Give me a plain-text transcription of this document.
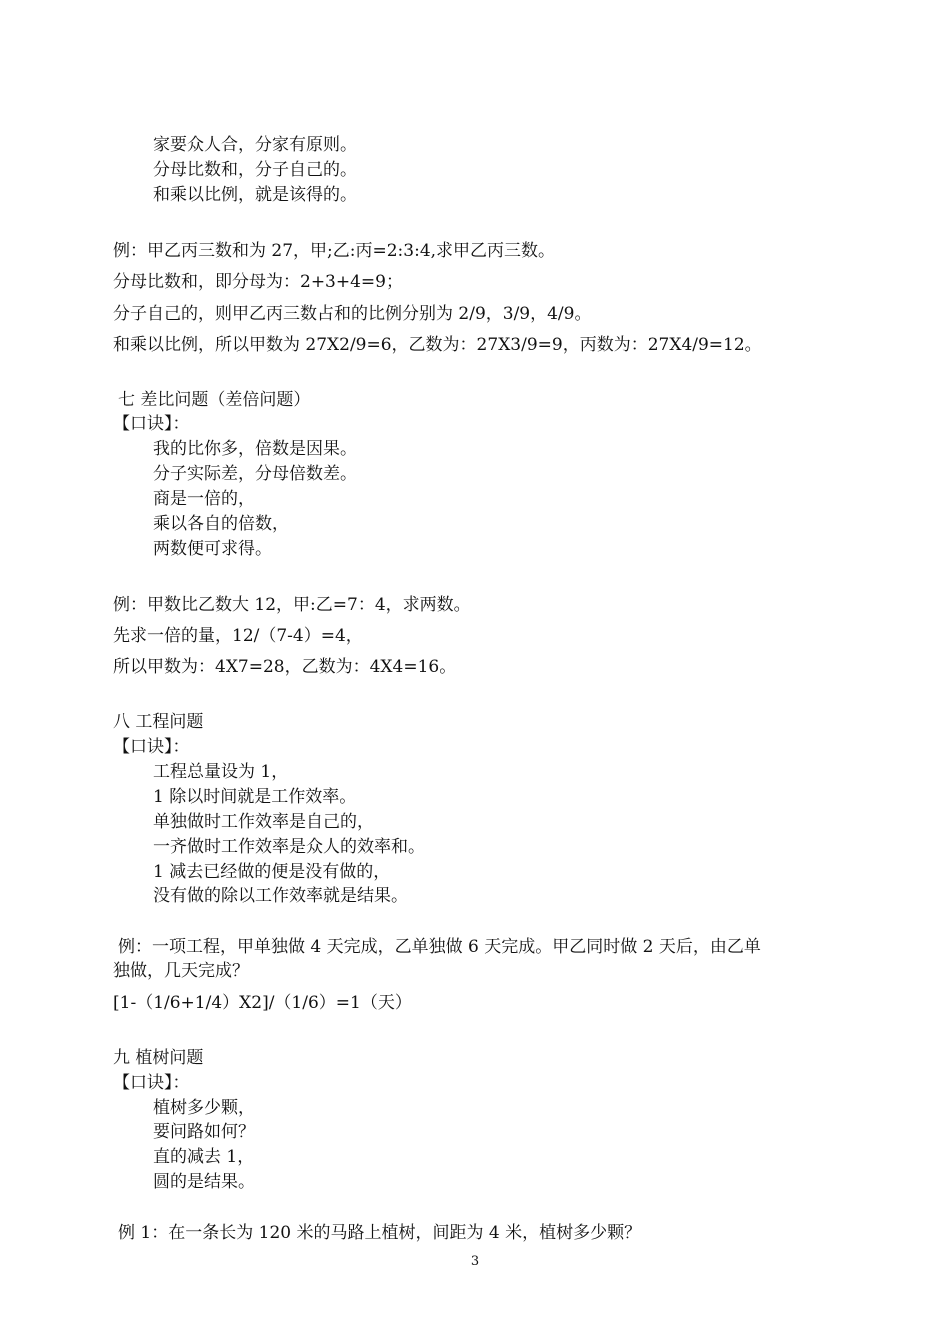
家要众人合，分家有原则。
分母比数和，分子自己的。
和乘以比例，就是该得的。
例：甲乙丙三数和为 27，甲;乙:丙=2:3:4,求甲乙丙三数。
分母比数和，即分母为：2+3+4=9；
分子自己的，则甲乙丙三数占和的比例分别为 2/9，3/9，4/9。
和乘以比例，所以甲数为 27X2/9=6，乙数为：27X3/9=9，丙数为：27X4/9=12。
七 差比问题（差倍问题）
【口诀】：
我的比你多，倍数是因果。
分子实际差，分母倍数差。
商是一倍的，
乘以各自的倍数，
两数便可求得。
例：甲数比乙数大 12，甲:乙=7：4，求两数。
先求一倍的量，12/（7-4）=4，
所以甲数为：4X7=28，乙数为：4X4=16。
八 工程问题
【口诀】：
工程总量设为 1，
1 除以时间就是工作效率。
单独做时工作效率是自己的，
一齐做时工作效率是众人的效率和。
1 减去已经做的便是没有做的，
没有做的除以工作效率就是结果。
例：一项工程，甲单独做 4 天完成，乙单独做 6 天完成。甲乙同时做 2 天后，由乙单
独做，几天完成？
[1-（1/6+1/4）X2]/（1/6）=1（天）
九 植树问题
【口诀】：
植树多少颗，
要问路如何？
直的减去 1，
圆的是结果。
例 1：在一条长为 120 米的马路上植树，间距为 4 米，植树多少颗？
3
